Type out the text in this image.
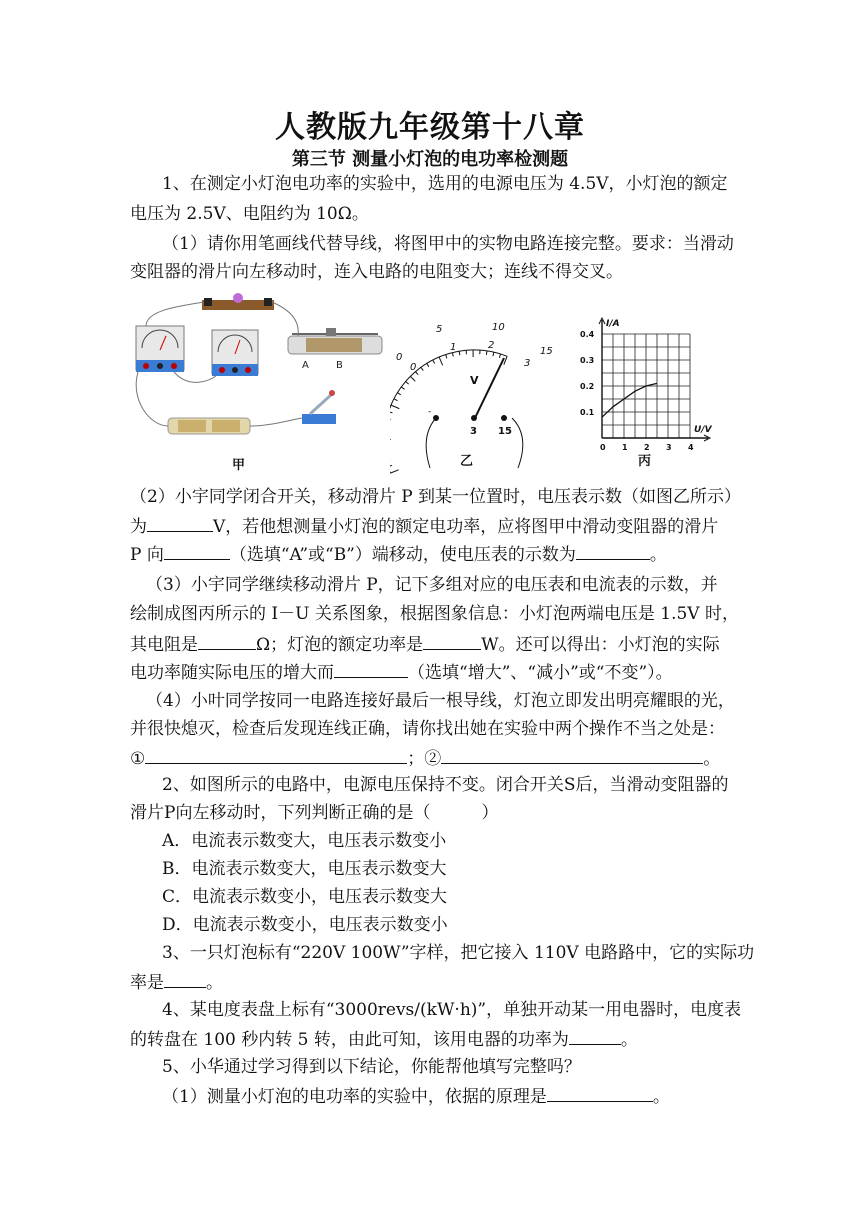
人教版九年级第十八章
第三节 测量小灯泡的电功率检测题
1、在测定小灯泡电功率的实验中，选用的电源电压为 4.5V，小灯泡的额定
电压为 2.5V、电阻约为 10Ω。
（1）请你用笔画线代替导线，将图甲中的实物电路连接完整。要求：当滑动
变阻器的滑片向左移动时，连入电路的电阻变大；连线不得交叉。
A	B
甲
0
5	10
15
0
1	2
3
V
-
3 15
乙
0.4
0.3
0.2
0.1
0 1 2 3 4
I/A
U/V
丙
（2）小宇同学闭合开关，移动滑片 P 到某一位置时，电压表示数（如图乙所示）
为	V，若他想测量小灯泡的额定电功率，应将图甲中滑动变阻器的滑片
P 向	（选填“A”或“B”）端移动，使电压表的示数为	。
（3）小宇同学继续移动滑片 P，记下多组对应的电压表和电流表的示数，并
绘制成图丙所示的 I－U 关系图象，根据图象信息：小灯泡两端电压是 1.5V 时，
其电阻是	Ω；灯泡的额定功率是	W。还可以得出：小灯泡的实际
电功率随实际电压的增大而	（选填“增大”、“减小”或“不变”）。
（4）小叶同学按同一电路连接好最后一根导线，灯泡立即发出明亮耀眼的光，
并很快熄灭，检查后发现连线正确，请你找出她在实验中两个操作不当之处是：
①	；②	。
2、如图所示的电路中，电源电压保持不变。闭合开关S后，当滑动变阻器的
滑片P向左移动时，下列判断正确的是（　　　）
A．电流表示数变大，电压表示数变小
B．电流表示数变大，电压表示数变大
C．电流表示数变小，电压表示数变大
D．电流表示数变小，电压表示数变小
3、一只灯泡标有“220V 100W”字样，把它接入 110V 电路路中，它的实际功
率是 。
4、某电度表盘上标有“3000revs/(kW·h)”，单独开动某一用电器时，电度表
的转盘在 100 秒内转 5 转，由此可知，该用电器的功率为	。
5、小华通过学习得到以下结论，你能帮他填写完整吗？
（1）测量小灯泡的电功率的实验中，依据的原理是	。
